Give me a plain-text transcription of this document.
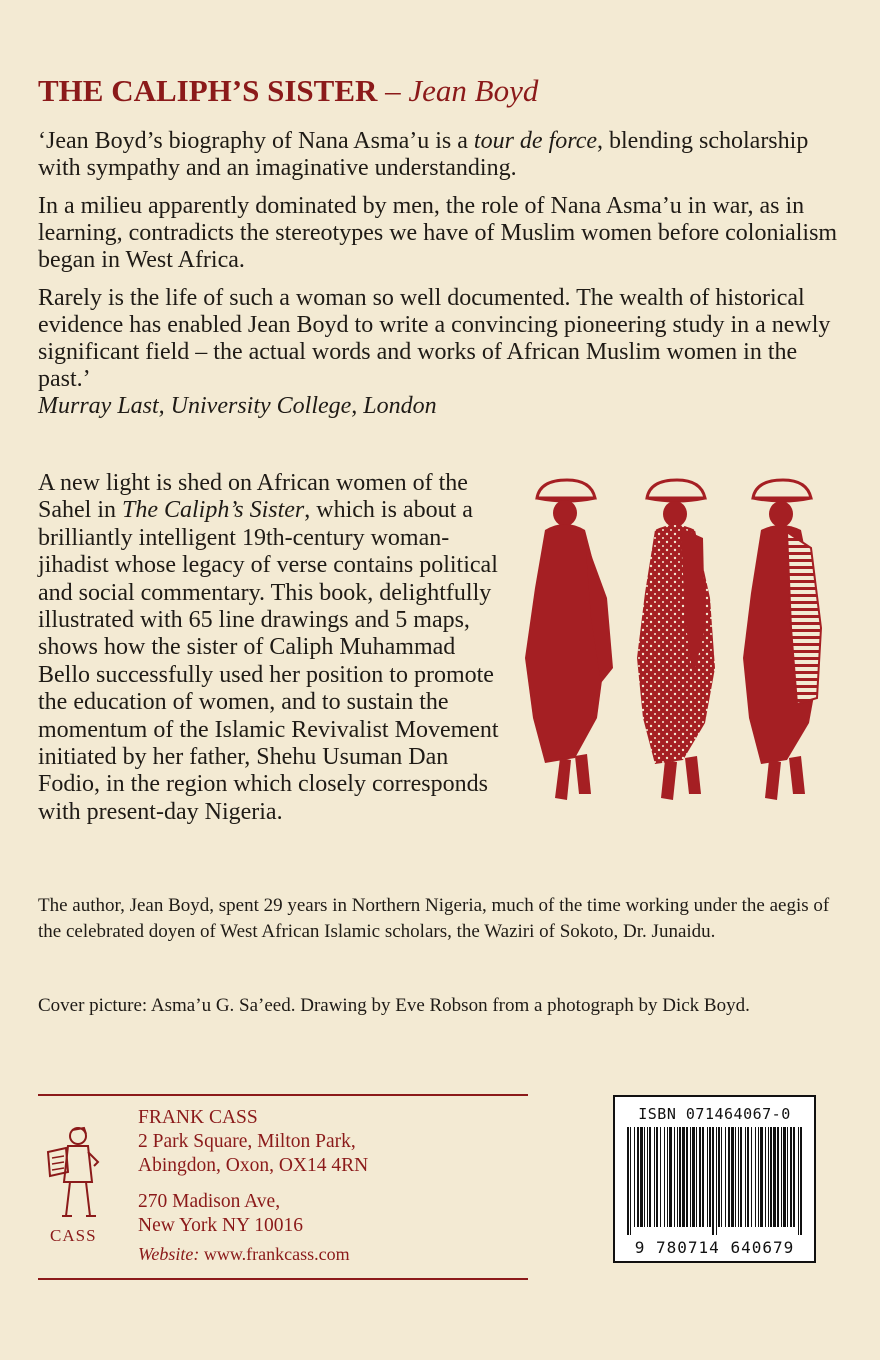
THE CALIPH’S SISTER – Jean Boyd

‘Jean Boyd’s biography of Nana Asma’u is a tour de force, blending scholarship with sympathy and an imaginative understanding.

In a milieu apparently dominated by men, the role of Nana Asma’u in war, as in learning, contradicts the stereotypes we have of Muslim women before colonialism began in West Africa.

Rarely is the life of such a woman so well documented. The wealth of historical evidence has enabled Jean Boyd to write a convincing pioneering study in a newly significant field – the actual words and works of African Muslim women in the past.’
Murray Last, University College, London

A new light is shed on African women of the Sahel in The Caliph’s Sister, which is about a brilliantly intelligent 19th-century woman-jihadist whose legacy of verse contains political and social commentary. This book, delightfully illustrated with 65 line drawings and 5 maps, shows how the sister of Caliph Muhammad Bello successfully used her position to promote the education of women, and to sustain the momentum of the Islamic Revivalist Movement initiated by her father, Shehu Usuman Dan Fodio, in the region which closely corresponds with present-day Nigeria.

The author, Jean Boyd, spent 29 years in Northern Nigeria, much of the time working under the aegis of the celebrated doyen of West African Islamic scholars, the Waziri of Sokoto, Dr. Junaidu.

Cover picture: Asma’u G. Sa’eed. Drawing by Eve Robson from a photograph by Dick Boyd.

CASS
FRANK CASS
2 Park Square, Milton Park,
Abingdon, Oxon, OX14 4RN
270 Madison Ave,
New York NY 10016
Website: www.frankcass.com
ISBN 071464067-0
9 780714 640679
